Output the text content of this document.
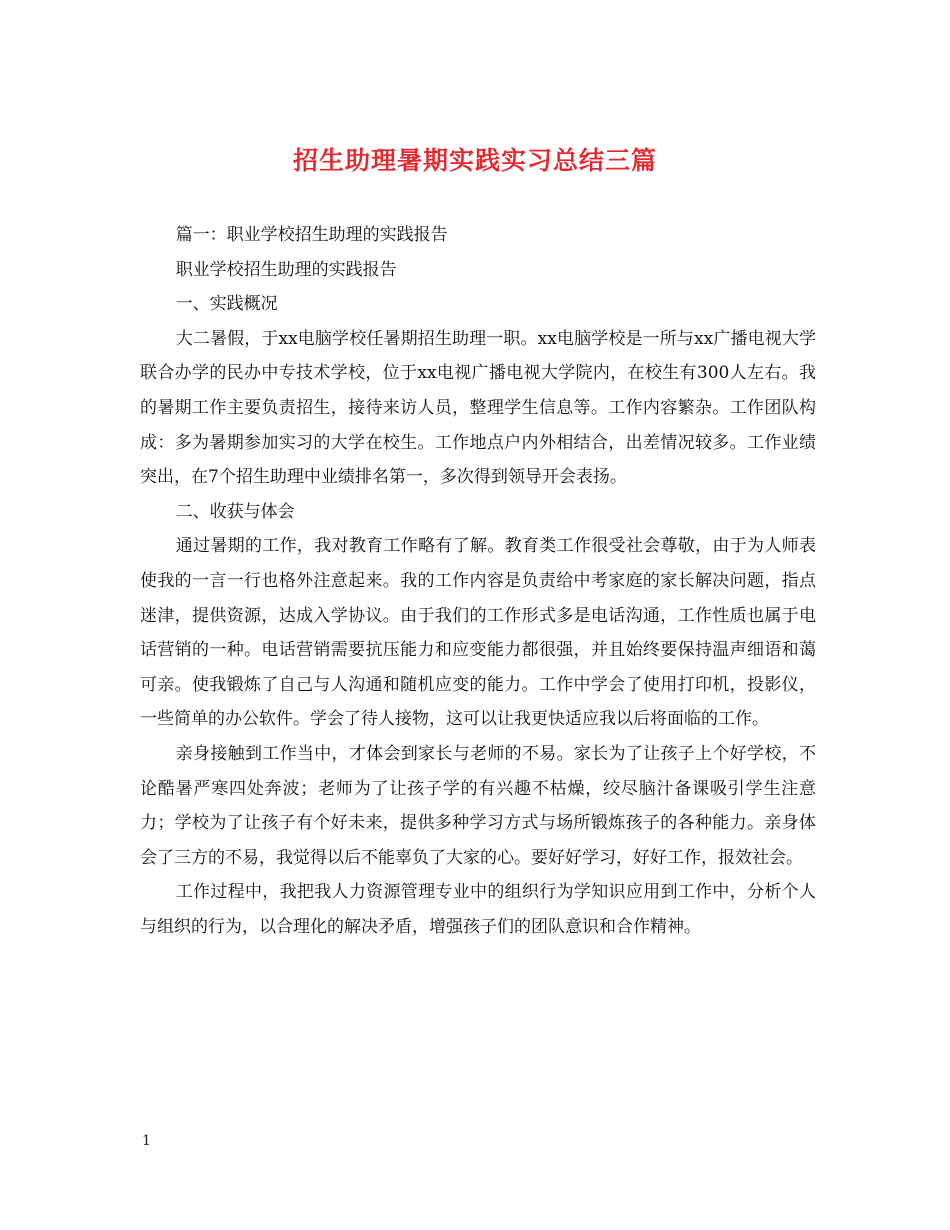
招生助理暑期实践实习总结三篇

篇一：职业学校招生助理的实践报告

职业学校招生助理的实践报告

一、实践概况

大二暑假，于xx电脑学校任暑期招生助理一职。xx电脑学校是一所与xx广播电视大学联合办学的民办中专技术学校，位于xx电视广播电视大学院内，在校生有300人左右。我的暑期工作主要负责招生，接待来访人员，整理学生信息等。工作内容繁杂。工作团队构成：多为暑期参加实习的大学在校生。工作地点户内外相结合，出差情况较多。工作业绩突出，在7个招生助理中业绩排名第一，多次得到领导开会表扬。

二、收获与体会

通过暑期的工作，我对教育工作略有了解。教育类工作很受社会尊敬，由于为人师表使我的一言一行也格外注意起来。我的工作内容是负责给中考家庭的家长解决问题，指点迷津，提供资源，达成入学协议。由于我们的工作形式多是电话沟通，工作性质也属于电话营销的一种。电话营销需要抗压能力和应变能力都很强，并且始终要保持温声细语和蔼可亲。使我锻炼了自己与人沟通和随机应变的能力。工作中学会了使用打印机，投影仪，一些简单的办公软件。学会了待人接物，这可以让我更快适应我以后将面临的工作。

亲身接触到工作当中，才体会到家长与老师的不易。家长为了让孩子上个好学校，不论酷暑严寒四处奔波；老师为了让孩子学的有兴趣不枯燥，绞尽脑汁备课吸引学生注意力；学校为了让孩子有个好未来，提供多种学习方式与场所锻炼孩子的各种能力。亲身体会了三方的不易，我觉得以后不能辜负了大家的心。要好好学习，好好工作，报效社会。

工作过程中，我把我人力资源管理专业中的组织行为学知识应用到工作中，分析个人与组织的行为，以合理化的解决矛盾，增强孩子们的团队意识和合作精神。

1
